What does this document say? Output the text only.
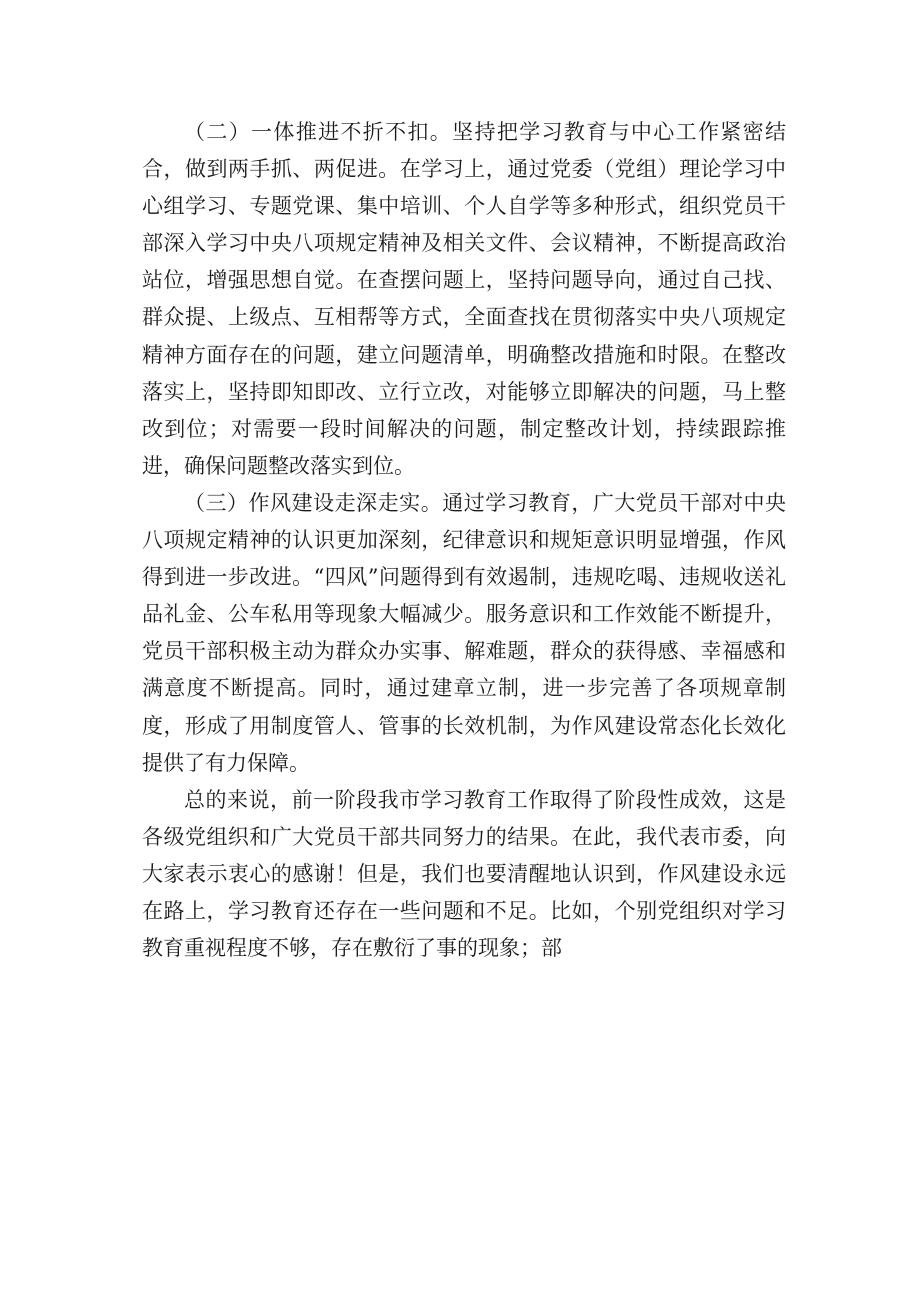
（二）一体推进不折不扣。坚持把学习教育与中心工作紧密结合，做到两手抓、两促进。在学习上，通过党委（党组）理论学习中心组学习、专题党课、集中培训、个人自学等多种形式，组织党员干部深入学习中央八项规定精神及相关文件、会议精神，不断提高政治站位，增强思想自觉。在查摆问题上，坚持问题导向，通过自己找、群众提、上级点、互相帮等方式，全面查找在贯彻落实中央八项规定精神方面存在的问题，建立问题清单，明确整改措施和时限。在整改落实上，坚持即知即改、立行立改，对能够立即解决的问题，马上整改到位；对需要一段时间解决的问题，制定整改计划，持续跟踪推进，确保问题整改落实到位。

（三）作风建设走深走实。通过学习教育，广大党员干部对中央八项规定精神的认识更加深刻，纪律意识和规矩意识明显增强，作风得到进一步改进。“四风”问题得到有效遏制，违规吃喝、违规收送礼品礼金、公车私用等现象大幅减少。服务意识和工作效能不断提升，党员干部积极主动为群众办实事、解难题，群众的获得感、幸福感和满意度不断提高。同时，通过建章立制，进一步完善了各项规章制度，形成了用制度管人、管事的长效机制，为作风建设常态化长效化提供了有力保障。

总的来说，前一阶段我市学习教育工作取得了阶段性成效，这是各级党组织和广大党员干部共同努力的结果。在此，我代表市委，向大家表示衷心的感谢！但是，我们也要清醒地认识到，作风建设永远在路上，学习教育还存在一些问题和不足。比如，个别党组织对学习教育重视程度不够，存在敷衍了事的现象；部
